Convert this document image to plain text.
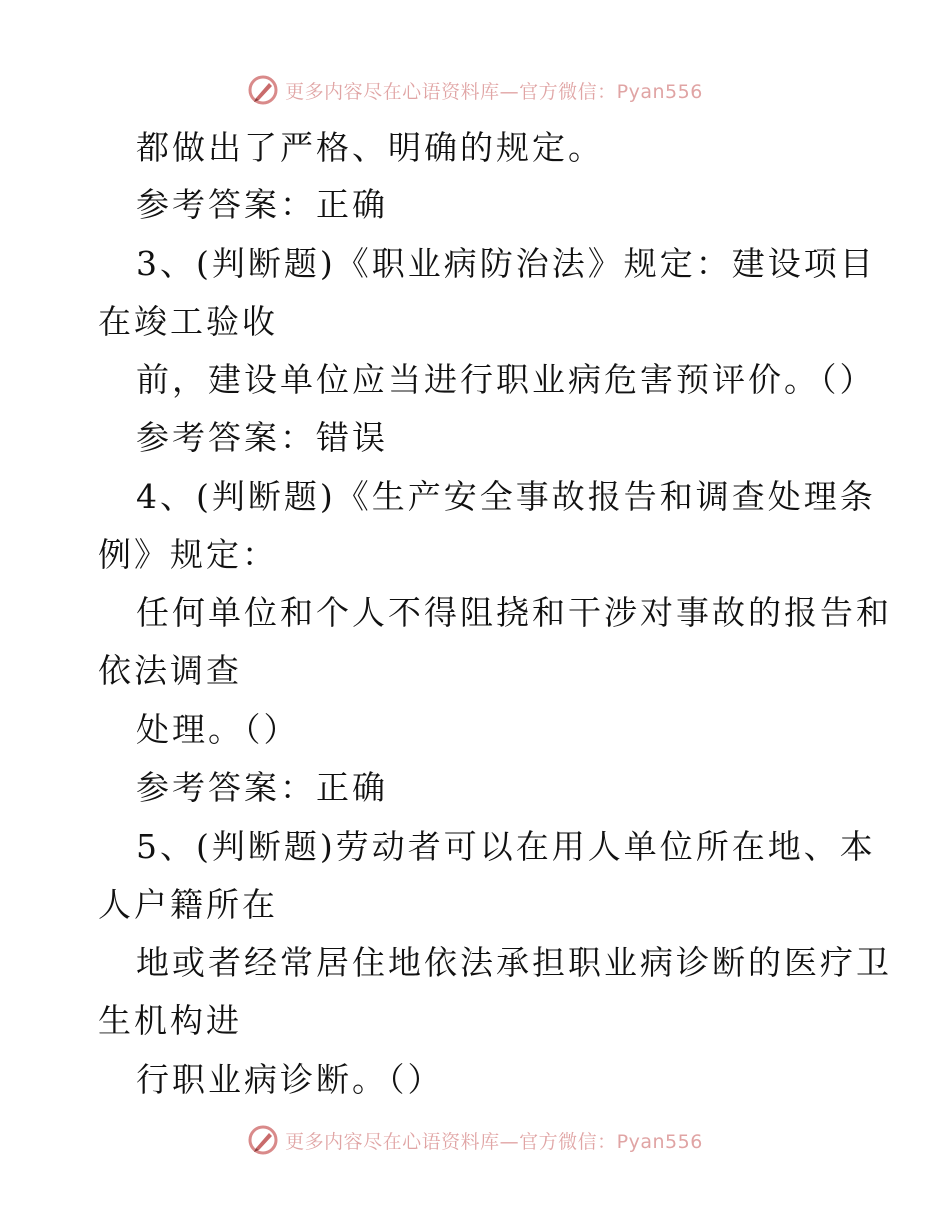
更多内容尽在心语资料库—官方微信：Pyan556
都做出了严格、明确的规定。
参考答案：正确
3、(判断题)《职业病防治法》规定：建设项目
在竣工验收
前，建设单位应当进行职业病危害预评价。（）
参考答案：错误
4、(判断题)《生产安全事故报告和调查处理条
例》规定：
任何单位和个人不得阻挠和干涉对事故的报告和
依法调查
处理。（）
参考答案：正确
5、(判断题)劳动者可以在用人单位所在地、本
人户籍所在
地或者经常居住地依法承担职业病诊断的医疗卫
生机构进
行职业病诊断。（）
更多内容尽在心语资料库—官方微信：Pyan556
